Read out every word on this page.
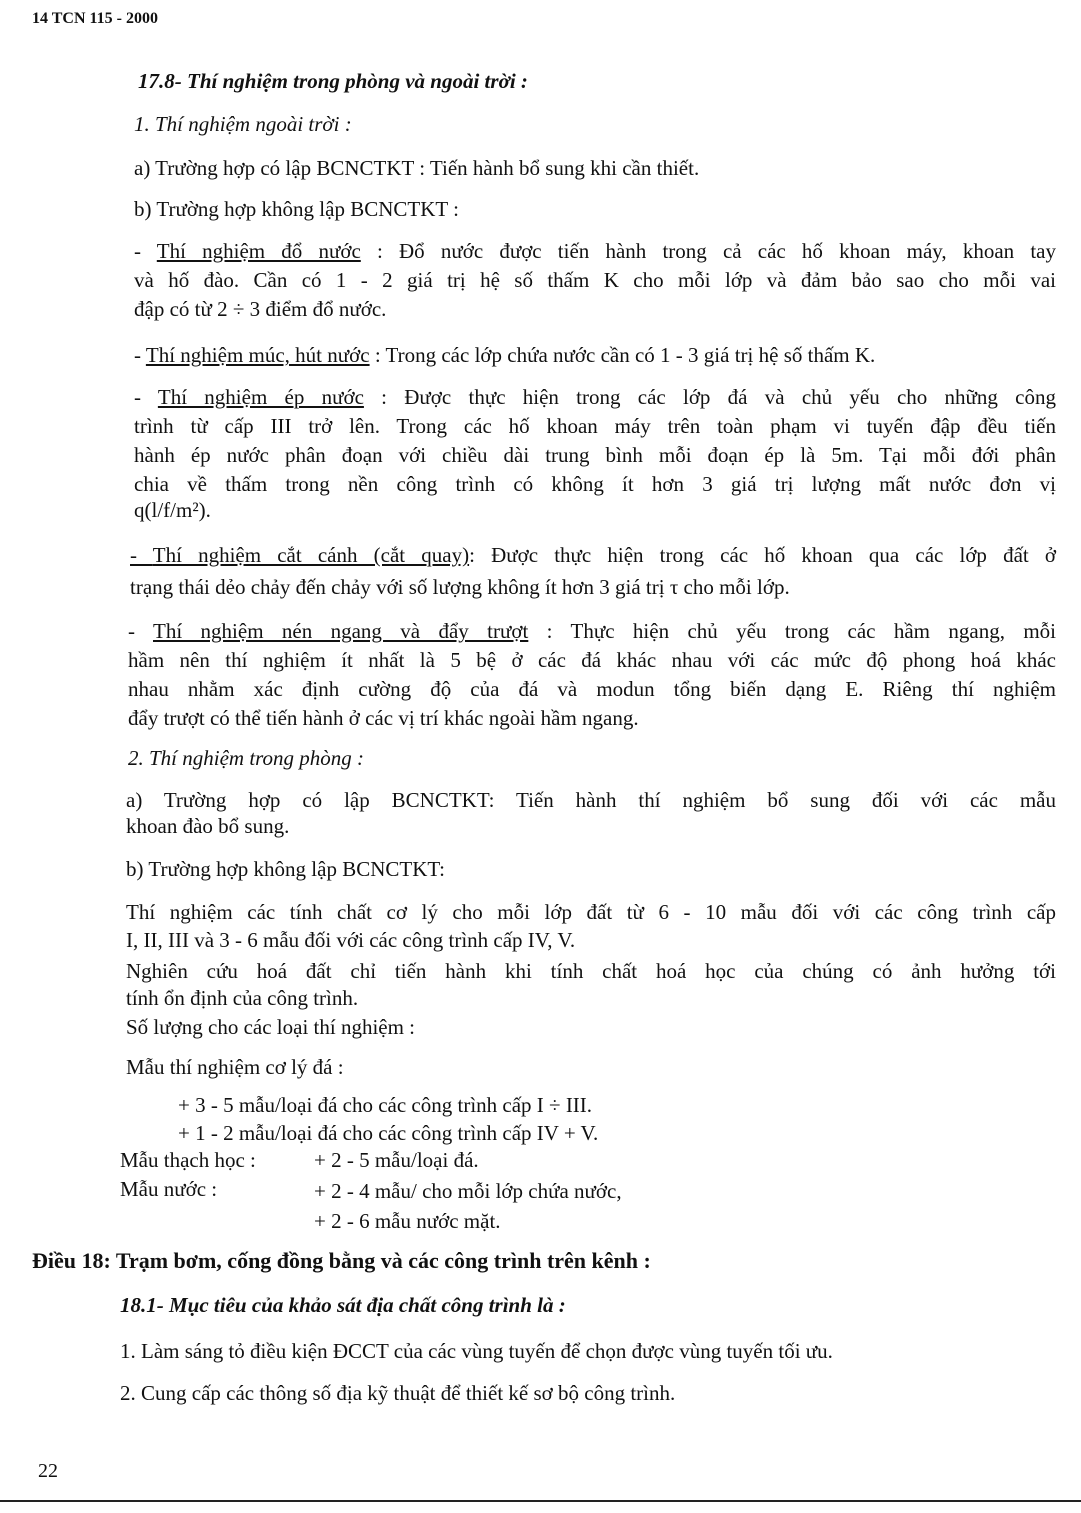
14 TCN 115 - 2000
17.8- Thí nghiệm trong phòng và ngoài trời :
1. Thí nghiệm ngoài trời :
a) Trường hợp có lập BCNCTKT : Tiến hành bổ sung khi cần thiết.
b) Trường hợp không lập BCNCTKT :
- Thí nghiệm đổ nước : Đổ nước được tiến hành trong cả các hố khoan máy, khoan tay
và hố đào. Cần có 1 - 2 giá trị hệ số thấm K cho mỗi lớp và đảm bảo sao cho mỗi vai
đập có từ 2 ÷ 3 điểm đổ nước.
- Thí nghiệm múc, hút nước : Trong các lớp chứa nước cần có 1 - 3 giá trị hệ số thấm K.
- Thí nghiệm ép nước : Được thực hiện trong các lớp đá và chủ yếu cho những công
trình từ cấp III trở lên. Trong các hố khoan máy trên toàn phạm vi tuyến đập đều tiến
hành ép nước phân đoạn với chiều dài trung bình mỗi đoạn ép là 5m. Tại mỗi đới phân
chia về thấm trong nền công trình có không ít hơn 3 giá trị lượng mất nước đơn vị
q(l/f/m²).
- Thí nghiệm cắt cánh (cắt quay): Được thực hiện trong các hố khoan qua các lớp đất ở
trạng thái dẻo chảy đến chảy với số lượng không ít hơn 3 giá trị τ cho mỗi lớp.
- Thí nghiệm nén ngang và đẩy trượt : Thực hiện chủ yếu trong các hầm ngang, mỗi
hầm nên thí nghiệm ít nhất là 5 bệ ở các đá khác nhau với các mức độ phong hoá khác
nhau nhằm xác định cường độ của đá và modun tổng biến dạng E. Riêng thí nghiệm
đẩy trượt có thể tiến hành ở các vị trí khác ngoài hầm ngang.
2. Thí nghiệm trong phòng :
a) Trường hợp có lập BCNCTKT: Tiến hành thí nghiệm bổ sung đối với các mẫu
khoan đào bổ sung.
b) Trường hợp không lập BCNCTKT:
Thí nghiệm các tính chất cơ lý cho mỗi lớp đất từ 6 - 10 mẫu đối với các công trình cấp
I, II, III và 3 - 6 mẫu đối với các công trình cấp IV, V.
Nghiên cứu hoá đất chỉ tiến hành khi tính chất hoá học của chúng có ảnh hưởng tới
tính ổn định của công trình.
Số lượng cho các loại thí nghiệm :
Mẫu thí nghiệm cơ lý đá :
+ 3 - 5 mẫu/loại đá cho các công trình cấp I ÷ III.
+ 1 - 2 mẫu/loại đá cho các công trình cấp IV + V.
Mẫu thạch học :	+ 2 - 5 mẫu/loại đá.
Mẫu nước :	+ 2 - 4 mẫu/ cho mỗi lớp chứa nước,
+ 2 - 6 mẫu nước mặt.
Điều 18: Trạm bơm, cống đồng bằng và các công trình trên kênh :
18.1- Mục tiêu của khảo sát địa chất công trình là :
1. Làm sáng tỏ điều kiện ĐCCT của các vùng tuyến để chọn được vùng tuyến tối ưu.
2. Cung cấp các thông số địa kỹ thuật để thiết kế sơ bộ công trình.
22
